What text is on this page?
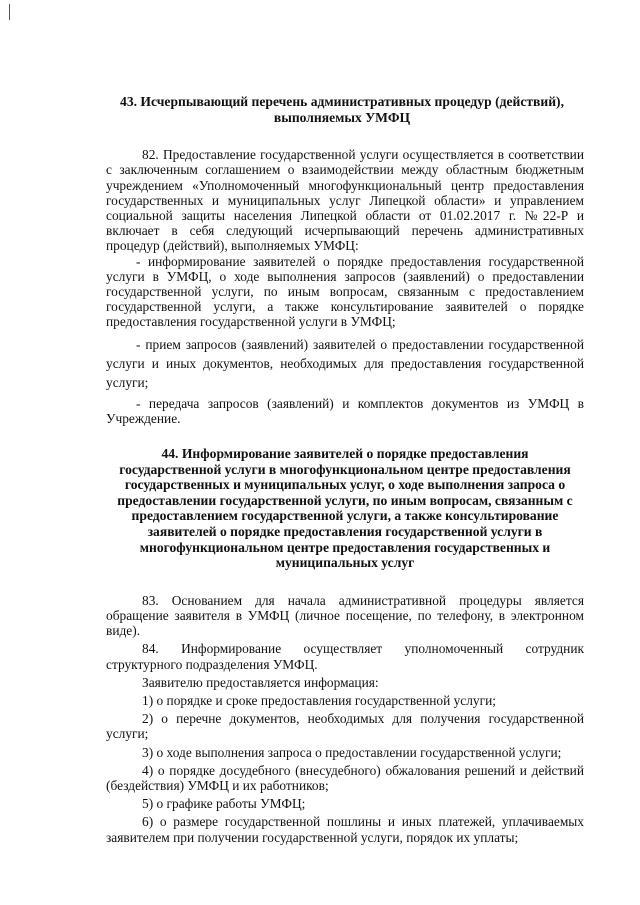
43. Исчерпывающий перечень административных процедур (действий), выполняемых УМФЦ

82. Предоставление государственной услуги осуществляется в соответствии с заключенным соглашением о взаимодействии между областным бюджетным учреждением «Уполномоченный многофункциональный центр предоставления государственных и муниципальных услуг Липецкой области» и управлением социальной защиты населения Липецкой области от 01.02.2017 г. №22-Р и включает в себя следующий исчерпывающий перечень административных процедур (действий), выполняемых УМФЦ:

- информирование заявителей о порядке предоставления государственной услуги в УМФЦ, о ходе выполнения запросов (заявлений) о предоставлении государственной услуги, по иным вопросам, связанным с предоставлением государственной услуги, а также консультирование заявителей о порядке предоставления государственной услуги в УМФЦ;

- прием запросов (заявлений) заявителей о предоставлении государственной услуги и иных документов, необходимых для предоставления государственной услуги;

- передача запросов (заявлений) и комплектов документов из УМФЦ в Учреждение.

44. Информирование заявителей о порядке предоставления государственной услуги в многофункциональном центре предоставления государственных и муниципальных услуг, о ходе выполнения запроса о предоставлении государственной услуги, по иным вопросам, связанным с предоставлением государственной услуги, а также консультирование заявителей о порядке предоставления государственной услуги в многофункциональном центре предоставления государственных и муниципальных услуг

83. Основанием для начала административной процедуры является обращение заявителя в УМФЦ (личное посещение, по телефону, в электронном виде).

84. Информирование осуществляет уполномоченный сотрудник структурного подразделения УМФЦ.

Заявителю предоставляется информация:

1) о порядке и сроке предоставления государственной услуги;

2) о перечне документов, необходимых для получения государственной услуги;

3) о ходе выполнения запроса о предоставлении государственной услуги;

4) о порядке досудебного (внесудебного) обжалования решений и действий (бездействия) УМФЦ и их работников;

5) о графике работы УМФЦ;

6) о размере государственной пошлины и иных платежей, уплачиваемых заявителем при получении государственной услуги, порядок их уплаты;
